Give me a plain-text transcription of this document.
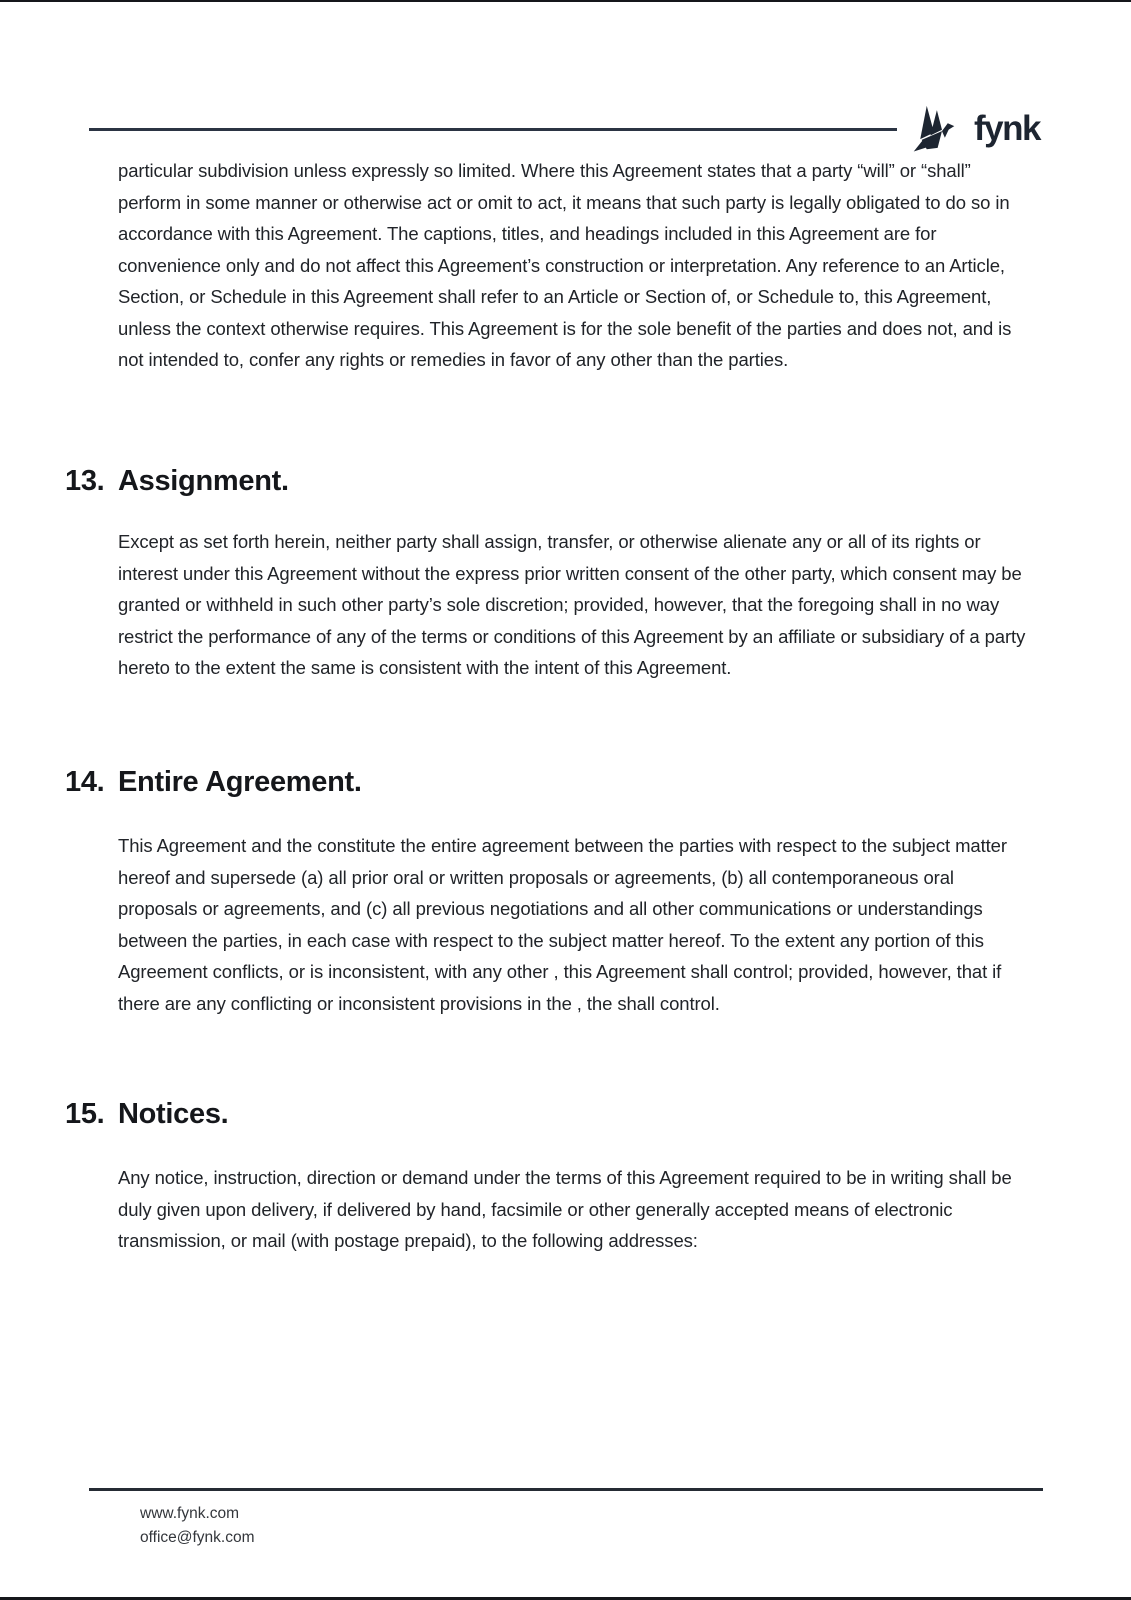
fynk

particular subdivision unless expressly so limited. Where this Agreement states that a party “will” or “shall” perform in some manner or otherwise act or omit to act, it means that such party is legally obligated to do so in accordance with this Agreement. The captions, titles, and headings included in this Agreement are for convenience only and do not affect this Agreement’s construction or interpretation. Any reference to an Article, Section, or Schedule in this Agreement shall refer to an Article or Section of, or Schedule to, this Agreement, unless the context otherwise requires. This Agreement is for the sole benefit of the parties and does not, and is not intended to, confer any rights or remedies in favor of any other than the parties.

13. Assignment.

Except as set forth herein, neither party shall assign, transfer, or otherwise alienate any or all of its rights or interest under this Agreement without the express prior written consent of the other party, which consent may be granted or withheld in such other party’s sole discretion; provided, however, that the foregoing shall in no way restrict the performance of any of the terms or conditions of this Agreement by an affiliate or subsidiary of a party hereto to the extent the same is consistent with the intent of this Agreement.

14. Entire Agreement.

This Agreement and the constitute the entire agreement between the parties with respect to the subject matter hereof and supersede (a) all prior oral or written proposals or agreements, (b) all contemporaneous oral proposals or agreements, and (c) all previous negotiations and all other communications or understandings between the parties, in each case with respect to the subject matter hereof. To the extent any portion of this Agreement conflicts, or is inconsistent, with any other , this Agreement shall control; provided, however, that if there are any conflicting or inconsistent provisions in the , the shall control.

15. Notices.

Any notice, instruction, direction or demand under the terms of this Agreement required to be in writing shall be duly given upon delivery, if delivered by hand, facsimile or other generally accepted means of electronic transmission, or mail (with postage prepaid), to the following addresses:

www.fynk.com
office@fynk.com
